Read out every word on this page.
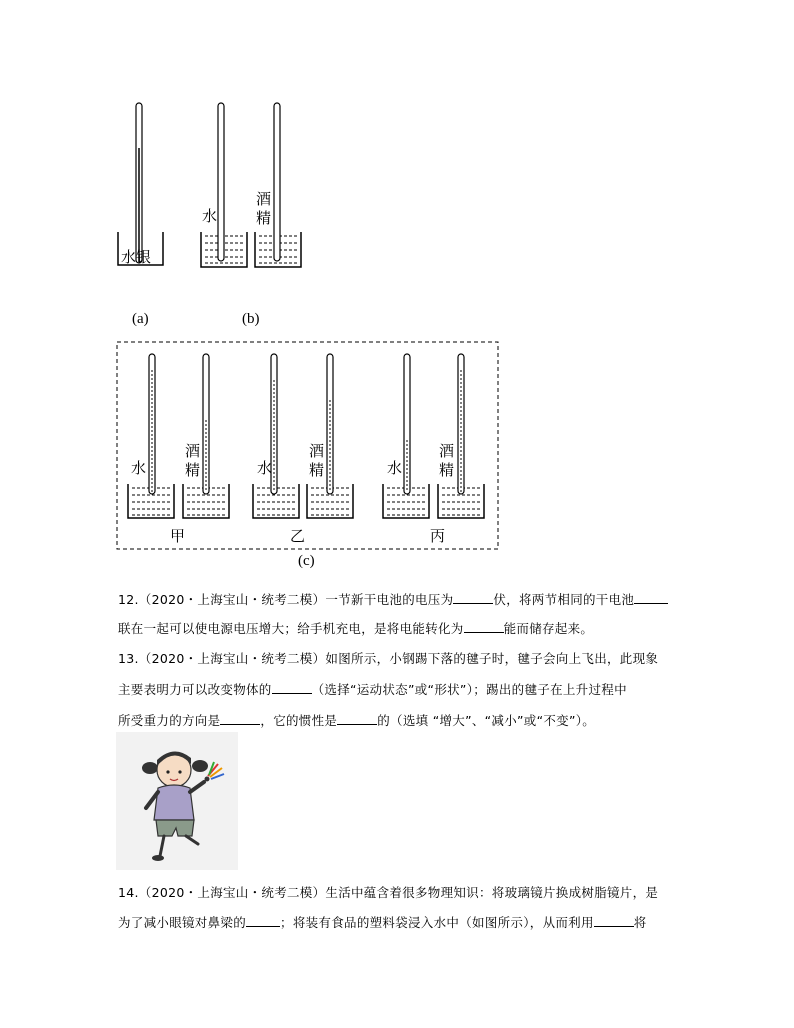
水银
(a)
水
酒
精
(b)
水
酒
精
甲
水
酒
精
乙
水
酒
精
丙
(c)
12.（2020・上海宝山・统考二模）一节新干电池的电压为	伏，将两节相同的干电池
联在一起可以使电源电压增大；给手机充电，是将电能转化为	能而储存起来。
13.（2020・上海宝山・统考二模）如图所示，小钢踢下落的毽子时，毽子会向上飞出，此现象
主要表明力可以改变物体的	（选择“运动状态”或“形状”）；踢出的毽子在上升过程中
所受重力的方向是	，它的惯性是	的（选填 “增大”、“减小”或“不变”）。
14.（2020・上海宝山・统考二模）生活中蕴含着很多物理知识：将玻璃镜片换成树脂镜片，是
为了减小眼镜对鼻梁的	；将装有食品的塑料袋浸入水中（如图所示），从而利用	将
